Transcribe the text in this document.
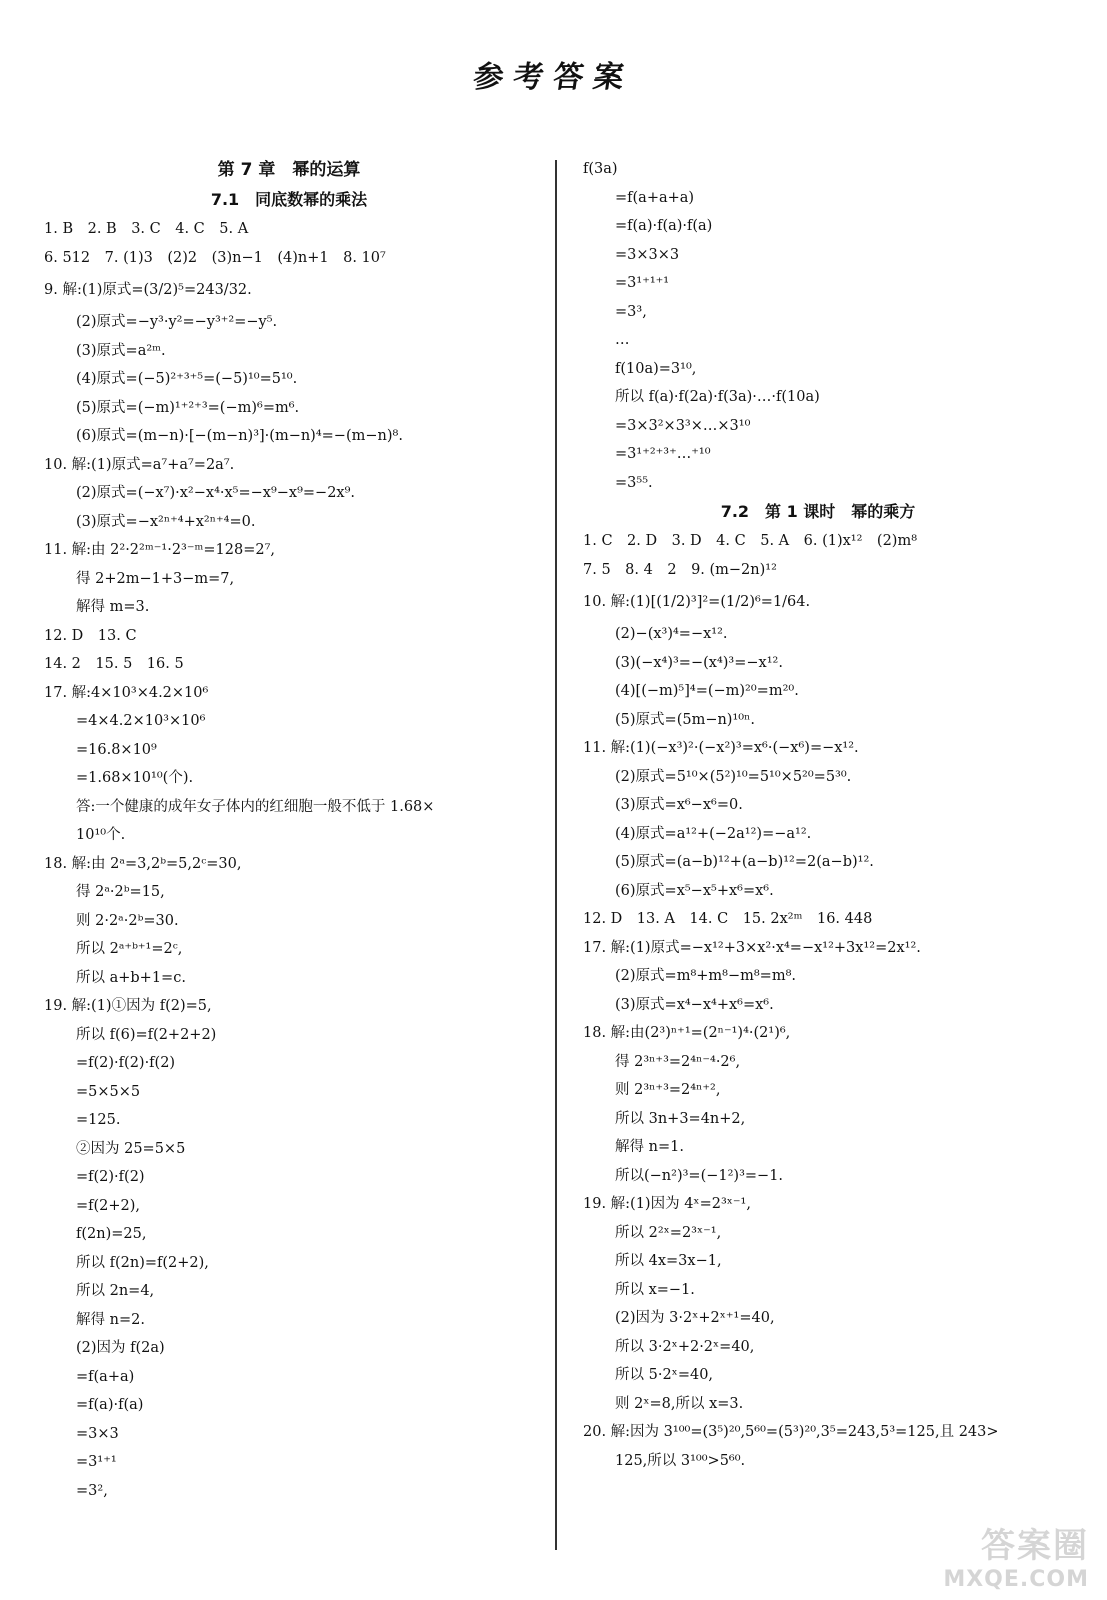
参考答案
第 7 章　幂的运算
7.1　同底数幂的乘法
1. B　2. B　3. C　4. C　5. A
6. 512　7. (1)3　(2)2　(3)n−1　(4)n+1　8. 10⁷
9. 解:(1)原式=(3/2)⁵=243/32.
(2)原式=−y³·y²=−y³⁺²=−y⁵.
(3)原式=a²ᵐ.
(4)原式=(−5)²⁺³⁺⁵=(−5)¹⁰=5¹⁰.
(5)原式=(−m)¹⁺²⁺³=(−m)⁶=m⁶.
(6)原式=(m−n)·[−(m−n)³]·(m−n)⁴=−(m−n)⁸.
10. 解:(1)原式=a⁷+a⁷=2a⁷.
(2)原式=(−x⁷)·x²−x⁴·x⁵=−x⁹−x⁹=−2x⁹.
(3)原式=−x²ⁿ⁺⁴+x²ⁿ⁺⁴=0.
11. 解:由 2²·2²ᵐ⁻¹·2³⁻ᵐ=128=2⁷,
得 2+2m−1+3−m=7,
解得 m=3.
12. D　13. C
14. 2　15. 5　16. 5
17. 解:4×10³×4.2×10⁶
=4×4.2×10³×10⁶
=16.8×10⁹
=1.68×10¹⁰(个).
答:一个健康的成年女子体内的红细胞一般不低于 1.68×
10¹⁰个.
18. 解:由 2ᵃ=3,2ᵇ=5,2ᶜ=30,
得 2ᵃ·2ᵇ=15,
则 2·2ᵃ·2ᵇ=30.
所以 2ᵃ⁺ᵇ⁺¹=2ᶜ,
所以 a+b+1=c.
19. 解:(1)①因为 f(2)=5,
所以 f(6)=f(2+2+2)
=f(2)·f(2)·f(2)
=5×5×5
=125.
②因为 25=5×5
=f(2)·f(2)
=f(2+2),
f(2n)=25,
所以 f(2n)=f(2+2),
所以 2n=4,
解得 n=2.
(2)因为 f(2a)
=f(a+a)
=f(a)·f(a)
=3×3
=3¹⁺¹
=3²,
f(3a)
=f(a+a+a)
=f(a)·f(a)·f(a)
=3×3×3
=3¹⁺¹⁺¹
=3³,
…
f(10a)=3¹⁰,
所以 f(a)·f(2a)·f(3a)·…·f(10a)
=3×3²×3³×…×3¹⁰
=3¹⁺²⁺³⁺…⁺¹⁰
=3⁵⁵.
7.2　第 1 课时　幂的乘方
1. C　2. D　3. D　4. C　5. A　6. (1)x¹²　(2)m⁸
7. 5　8. 4　2　9. (m−2n)¹²
10. 解:(1)[(1/2)³]²=(1/2)⁶=1/64.
(2)−(x³)⁴=−x¹².
(3)(−x⁴)³=−(x⁴)³=−x¹².
(4)[(−m)⁵]⁴=(−m)²⁰=m²⁰.
(5)原式=(5m−n)¹⁰ⁿ.
11. 解:(1)(−x³)²·(−x²)³=x⁶·(−x⁶)=−x¹².
(2)原式=5¹⁰×(5²)¹⁰=5¹⁰×5²⁰=5³⁰.
(3)原式=x⁶−x⁶=0.
(4)原式=a¹²+(−2a¹²)=−a¹².
(5)原式=(a−b)¹²+(a−b)¹²=2(a−b)¹².
(6)原式=x⁵−x⁵+x⁶=x⁶.
12. D　13. A　14. C　15. 2x²ᵐ　16. 448
17. 解:(1)原式=−x¹²+3×x²·x⁴=−x¹²+3x¹²=2x¹².
(2)原式=m⁸+m⁸−m⁸=m⁸.
(3)原式=x⁴−x⁴+x⁶=x⁶.
18. 解:由(2³)ⁿ⁺¹=(2ⁿ⁻¹)⁴·(2¹)⁶,
得 2³ⁿ⁺³=2⁴ⁿ⁻⁴·2⁶,
则 2³ⁿ⁺³=2⁴ⁿ⁺²,
所以 3n+3=4n+2,
解得 n=1.
所以(−n²)³=(−1²)³=−1.
19. 解:(1)因为 4ˣ=2³ˣ⁻¹,
所以 2²ˣ=2³ˣ⁻¹,
所以 4x=3x−1,
所以 x=−1.
(2)因为 3·2ˣ+2ˣ⁺¹=40,
所以 3·2ˣ+2·2ˣ=40,
所以 5·2ˣ=40,
则 2ˣ=8,所以 x=3.
20. 解:因为 3¹⁰⁰=(3⁵)²⁰,5⁶⁰=(5³)²⁰,3⁵=243,5³=125,且 243>
125,所以 3¹⁰⁰>5⁶⁰.
答案圈
MXQE.COM
